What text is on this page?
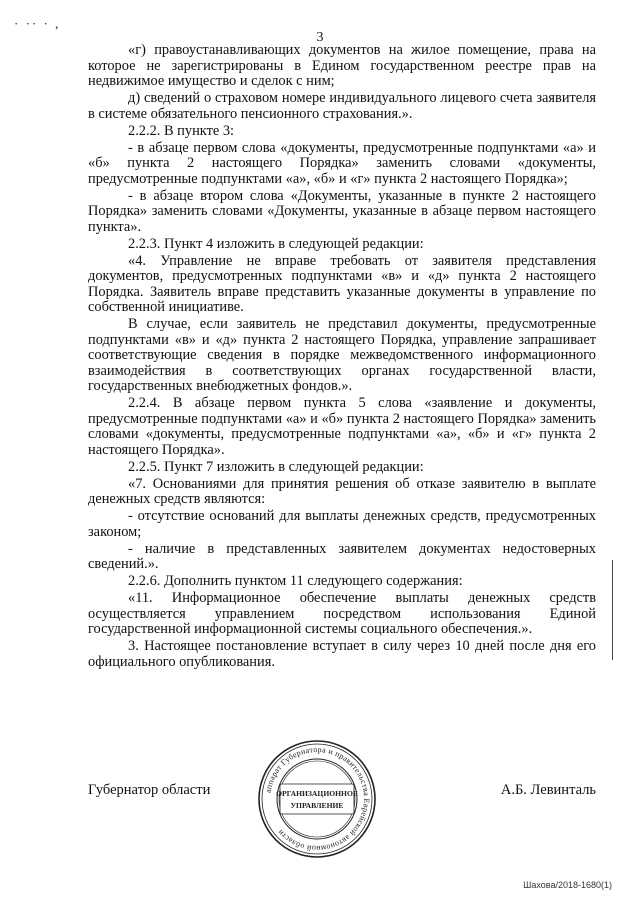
· ·· · ,
3

«г) правоустанавливающих документов на жилое помещение, права на которое не зарегистрированы в Едином государственном реестре прав на недвижимое имущество и сделок с ним;

д) сведений о страховом номере индивидуального лицевого счета заявителя в системе обязательного пенсионного страхования.».

2.2.2. В пункте 3:

- в абзаце первом слова «документы, предусмотренные подпунктами «а» и «б» пункта 2 настоящего Порядка» заменить словами «документы, предусмотренные подпунктами «а», «б» и «г» пункта 2 настоящего Порядка»;

- в абзаце втором слова «Документы, указанные в пункте 2 настоящего Порядка» заменить словами «Документы, указанные в абзаце первом настоящего пункта».

2.2.3. Пункт 4 изложить в следующей редакции:

«4. Управление не вправе требовать от заявителя представления документов, предусмотренных подпунктами «в» и «д» пункта 2 настоящего Порядка. Заявитель вправе представить указанные документы в управление по собственной инициативе.

В случае, если заявитель не представил документы, предусмотренные подпунктами «в» и «д» пункта 2 настоящего Порядка, управление запрашивает соответствующие сведения в порядке межведомственного информационного взаимодействия в соответствующих органах государственной власти, государственных внебюджетных фондов.».

2.2.4. В абзаце первом пункта 5 слова «заявление и документы, предусмотренные подпунктами «а» и «б» пункта 2 настоящего Порядка» заменить словами «документы, предусмотренные подпунктами «а», «б» и «г» пункта 2 настоящего Порядка».

2.2.5. Пункт 7 изложить в следующей редакции:

«7. Основаниями для принятия решения об отказе заявителю в выплате денежных средств являются:

- отсутствие оснований для выплаты денежных средств, предусмотренных законом;

- наличие в представленных заявителем документах недостоверных сведений.».

2.2.6. Дополнить пунктом 11 следующего содержания:

«11. Информационное обеспечение выплаты денежных средств осуществляется управлением посредством использования Единой государственной информационной системы социального обеспечения.».

3. Настоящее постановление вступает в силу через 10 дней после дня его официального опубликования.

Губернатор области	А.Б. Левинталь
аппарат Губернатора и правительства Еврейской автономной области
ОРГАНИЗАЦИОННОЕ
УПРАВЛЕНИЕ
Шахова/2018-1680(1)
